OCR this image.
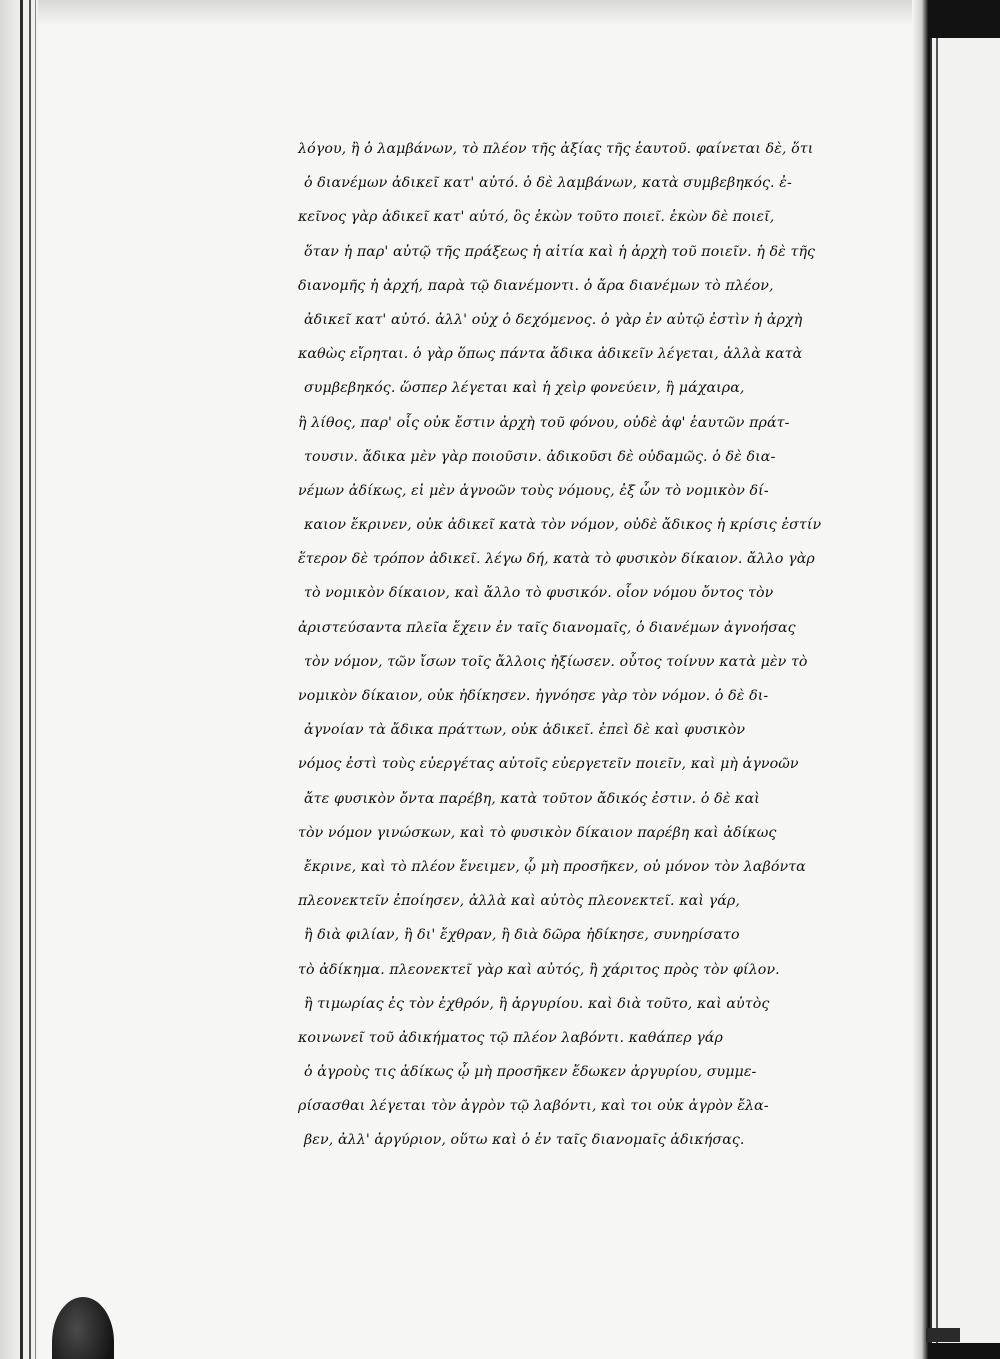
λόγου, ἢ ὁ λαμβάνων, τὸ πλέον τῆς ἀξίας τῆς ἑαυτοῦ. φαίνεται δὲ, ὅτι
ὁ διανέμων ἀδικεῖ κατ' αὐτό. ὁ δὲ λαμβάνων, κατὰ συμβεβηκός. ἐ-
κεῖνος γὰρ ἀδικεῖ κατ' αὐτό, ὃς ἑκὼν τοῦτο ποιεῖ. ἑκὼν δὲ ποιεῖ,
ὅταν ἡ παρ' αὐτῷ τῆς πράξεως ἡ αἰτία καὶ ἡ ἀρχὴ τοῦ ποιεῖν. ἡ δὲ τῆς
διανομῆς ἡ ἀρχή, παρὰ τῷ διανέμοντι. ὁ ἄρα διανέμων τὸ πλέον,
ἀδικεῖ κατ' αὐτό. ἀλλ' οὐχ ὁ δεχόμενος. ὁ γὰρ ἐν αὐτῷ ἐστὶν ἡ ἀρχὴ
καθὼς εἴρηται. ὁ γὰρ ὅπως πάντα ἄδικα ἀδικεῖν λέγεται, ἀλλὰ κατὰ
συμβεβηκός. ὥσπερ λέγεται καὶ ἡ χεὶρ φονεύειν, ἢ μάχαιρα,
ἢ λίθος, παρ' οἷς οὐκ ἔστιν ἀρχὴ τοῦ φόνου, οὐδὲ ἀφ' ἑαυτῶν πράτ-
τουσιν. ἄδικα μὲν γὰρ ποιοῦσιν. ἀδικοῦσι δὲ οὐδαμῶς. ὁ δὲ δια-
νέμων ἀδίκως, εἰ μὲν ἀγνοῶν τοὺς νόμους, ἐξ ὧν τὸ νομικὸν δί-
καιον ἔκρινεν, οὐκ ἀδικεῖ κατὰ τὸν νόμον, οὐδὲ ἄδικος ἡ κρίσις ἐστίν
ἕτερον δὲ τρόπον ἀδικεῖ. λέγω δή, κατὰ τὸ φυσικὸν δίκαιον. ἄλλο γὰρ
τὸ νομικὸν δίκαιον, καὶ ἄλλο τὸ φυσικόν. οἷον νόμου ὄντος τὸν
ἀριστεύσαντα πλεῖα ἔχειν ἐν ταῖς διανομαῖς, ὁ διανέμων ἀγνοήσας
τὸν νόμον, τῶν ἴσων τοῖς ἄλλοις ἠξίωσεν. οὗτος τοίνυν κατὰ μὲν τὸ
νομικὸν δίκαιον, οὐκ ἠδίκησεν. ἠγνόησε γὰρ τὸν νόμον. ὁ δὲ δι-
ἀγνοίαν τὰ ἄδικα πράττων, οὐκ ἀδικεῖ. ἐπεὶ δὲ καὶ φυσικὸν
νόμος ἐστὶ τοὺς εὐεργέτας αὐτοῖς εὐεργετεῖν ποιεῖν, καὶ μὴ ἀγνοῶν
ἄτε φυσικὸν ὄντα παρέβη, κατὰ τοῦτον ἄδικός ἐστιν. ὁ δὲ καὶ
τὸν νόμον γινώσκων, καὶ τὸ φυσικὸν δίκαιον παρέβη καὶ ἀδίκως
ἔκρινε, καὶ τὸ πλέον ἔνειμεν, ᾧ μὴ προσῆκεν, οὐ μόνον τὸν λαβόντα
πλεονεκτεῖν ἐποίησεν, ἀλλὰ καὶ αὐτὸς πλεονεκτεῖ. καὶ γάρ,
ἢ διὰ φιλίαν, ἢ δι' ἔχθραν, ἢ διὰ δῶρα ἠδίκησε, συνηρίσατο
τὸ ἀδίκημα. πλεονεκτεῖ γὰρ καὶ αὐτός, ἢ χάριτος πρὸς τὸν φίλον.
ἢ τιμωρίας ἐς τὸν ἐχθρόν, ἢ ἀργυρίου. καὶ διὰ τοῦτο, καὶ αὐτὸς
κοινωνεῖ τοῦ ἀδικήματος τῷ πλέον λαβόντι. καθάπερ γάρ
ὁ ἀγροὺς τις ἀδίκως ᾧ μὴ προσῆκεν ἔδωκεν ἀργυρίου, συμμε-
ρίσασθαι λέγεται τὸν ἀγρὸν τῷ λαβόντι, καὶ τοι οὐκ ἀγρὸν ἔλα-
βεν, ἀλλ' ἀργύριον, οὕτω καὶ ὁ ἐν ταῖς διανομαῖς ἀδικήσας.
